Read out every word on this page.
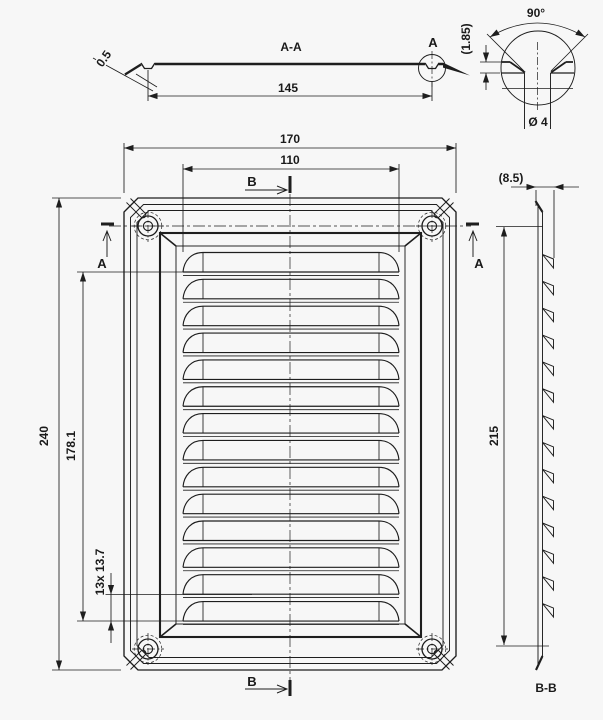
A-A
0.5
145
A
90°
(1.85)
Ø 4
170
110
240 178.1
13x 13.7
B
B
A	A
(8.5)
215
B-B
